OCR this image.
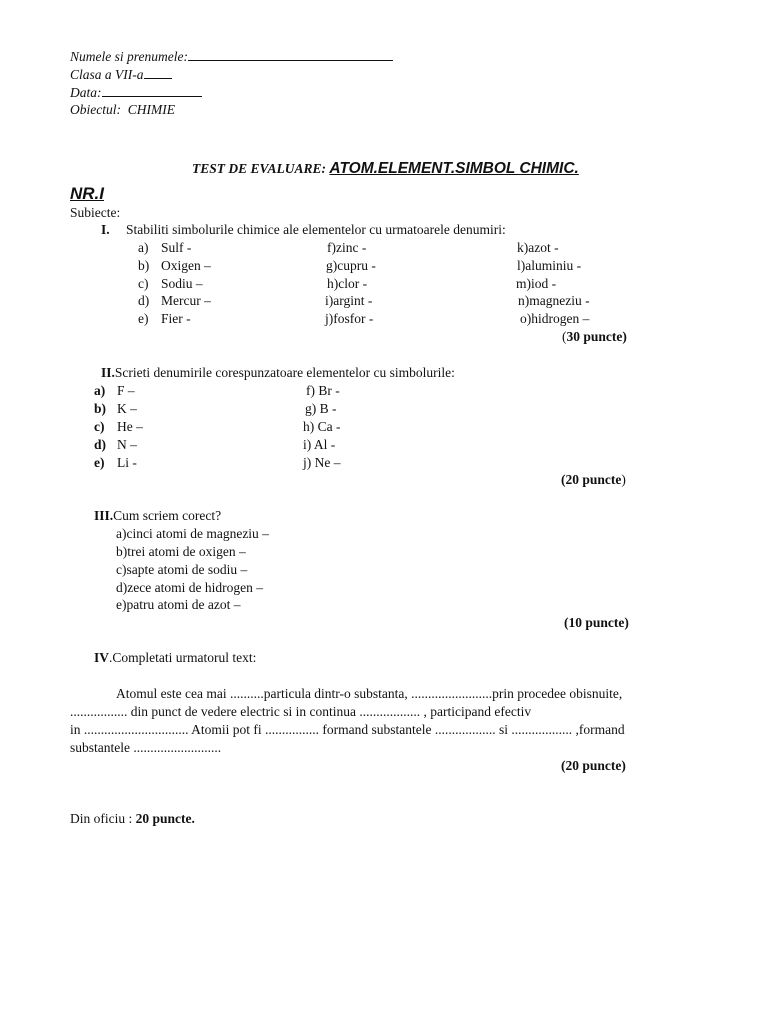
Numele si prenumele:
Clasa a VII-a
Data:
Obiectul: CHIMIE
TEST DE EVALUARE: ATOM.ELEMENT.SIMBOL CHIMIC.
NR.I
Subiecte:
I. Stabiliti simbolurile chimice ale elementelor cu urmatoarele denumiri:
a) Sulf -
b) Oxigen –
c) Sodiu –
d) Mercur –
e) Fier -
f)zinc -
g)cupru -
h)clor -
i)argint -
j)fosfor -
k)azot -
l)aluminiu -
m)iod -
n)magneziu -
o)hidrogen –
(30 puncte)
II.Scrieti denumirile corespunzatoare elementelor cu simbolurile:
a) F –
b) K –
c) He –
d) N –
e) Li -
f) Br -
g) B -
h) Ca -
i) Al -
j) Ne –
(20 puncte)
III.Cum scriem corect?
a)cinci atomi de magneziu –
b)trei atomi de oxigen –
c)sapte atomi de sodiu –
d)zece atomi de hidrogen –
e)patru atomi de azot –
(10 puncte)
IV.Completati urmatorul text:
Atomul este cea mai ..........particula dintr-o substanta, ........................prin procedee obisnuite,
................. din punct de vedere electric si in continua .................. , participand efectiv
in ............................... Atomii pot fi ................ formand substantele .................. si .................. ,formand
substantele ..........................
(20 puncte)
Din oficiu : 20 puncte.
